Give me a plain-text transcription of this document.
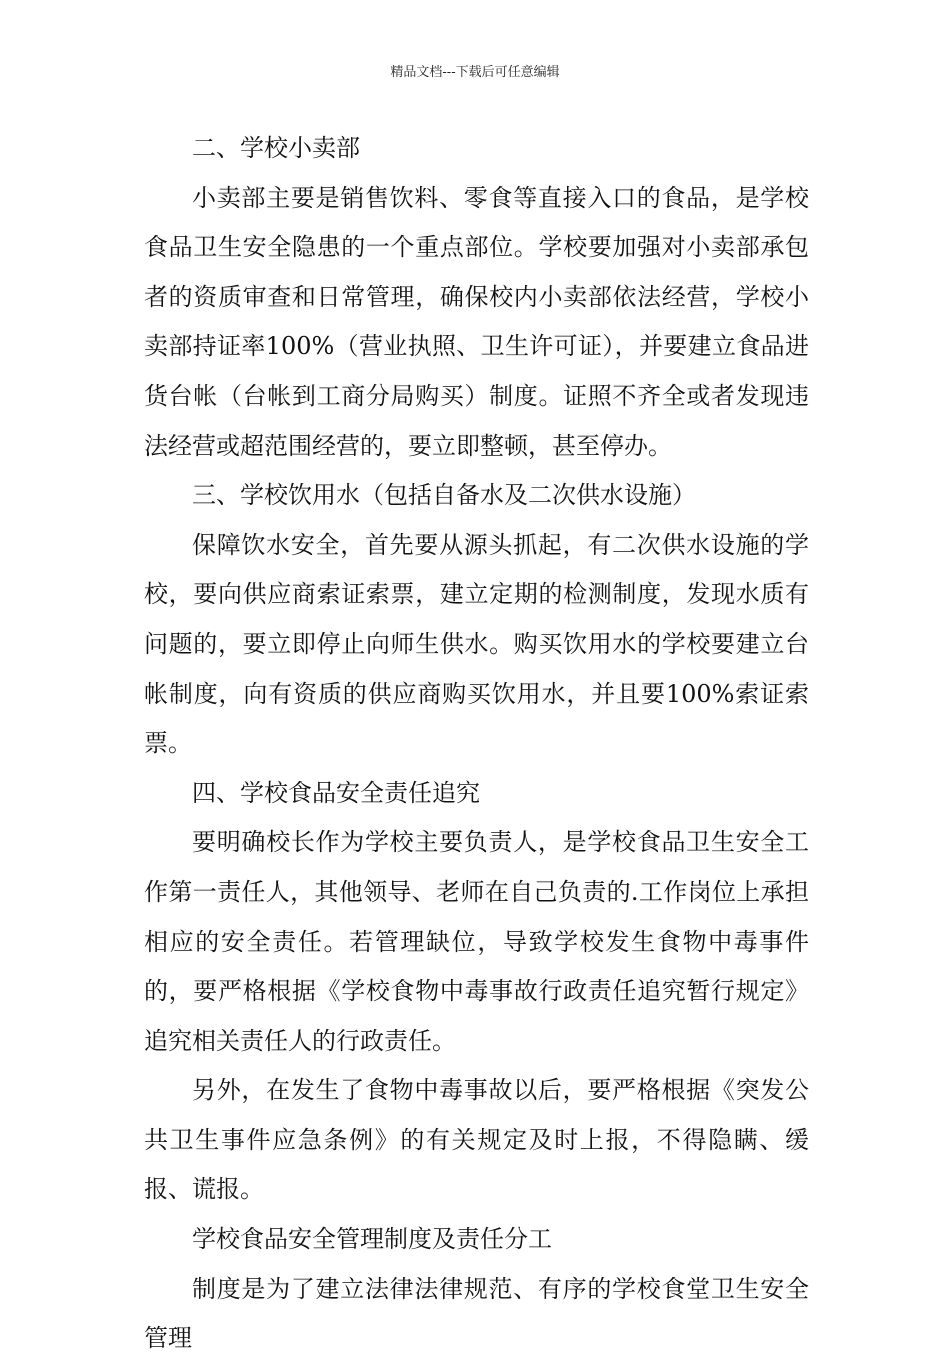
精品文档---下载后可任意编辑

二、学校小卖部

小卖部主要是销售饮料、零食等直接入口的食品，是学校食品卫生安全隐患的一个重点部位。学校要加强对小卖部承包者的资质审查和日常管理，确保校内小卖部依法经营，学校小卖部持证率100%（营业执照、卫生许可证），并要建立食品进货台帐（台帐到工商分局购买）制度。证照不齐全或者发现违法经营或超范围经营的，要立即整顿，甚至停办。

三、学校饮用水（包括自备水及二次供水设施）

保障饮水安全，首先要从源头抓起，有二次供水设施的学校，要向供应商索证索票，建立定期的检测制度，发现水质有问题的，要立即停止向师生供水。购买饮用水的学校要建立台帐制度，向有资质的供应商购买饮用水，并且要100%索证索票。

四、学校食品安全责任追究

要明确校长作为学校主要负责人，是学校食品卫生安全工作第一责任人，其他领导、老师在自己负责的.工作岗位上承担相应的安全责任。若管理缺位，导致学校发生食物中毒事件的，要严格根据《学校食物中毒事故行政责任追究暂行规定》追究相关责任人的行政责任。

另外，在发生了食物中毒事故以后，要严格根据《突发公共卫生事件应急条例》的有关规定及时上报，不得隐瞒、缓报、谎报。

学校食品安全管理制度及责任分工

制度是为了建立法律法律规范、有序的学校食堂卫生安全管理
